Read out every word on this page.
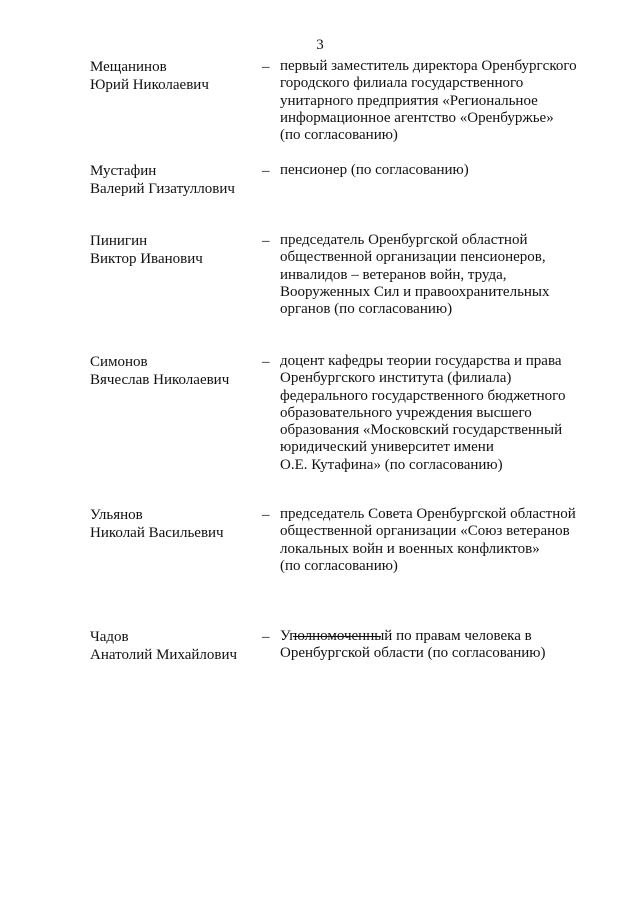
3
Мещанинов
Юрий Николаевич
– первый заместитель директора Оренбургского
городского филиала государственного
унитарного предприятия «Региональное
информационное агентство «Оренбуржье»
(по согласованию)
Мустафин
Валерий Гизатуллович
– пенсионер (по согласованию)
Пинигин
Виктор Иванович
– председатель Оренбургской областной
общественной организации пенсионеров,
инвалидов – ветеранов войн, труда,
Вооруженных Сил и правоохранительных
органов (по согласованию)
Симонов
Вячеслав Николаевич
– доцент кафедры теории государства и права
Оренбургского института (филиала)
федерального государственного бюджетного
образовательного учреждения высшего
образования «Московский государственный
юридический университет имени
О.Е. Кутафина» (по согласованию)
Ульянов
Николай Васильевич
– председатель Совета Оренбургской областной
общественной организации «Союз ветеранов
локальных войн и военных конфликтов»
(по согласованию)
Чадов
Анатолий Михайлович
– Уполномоченный по правам человека в
Оренбургской области (по согласованию)
